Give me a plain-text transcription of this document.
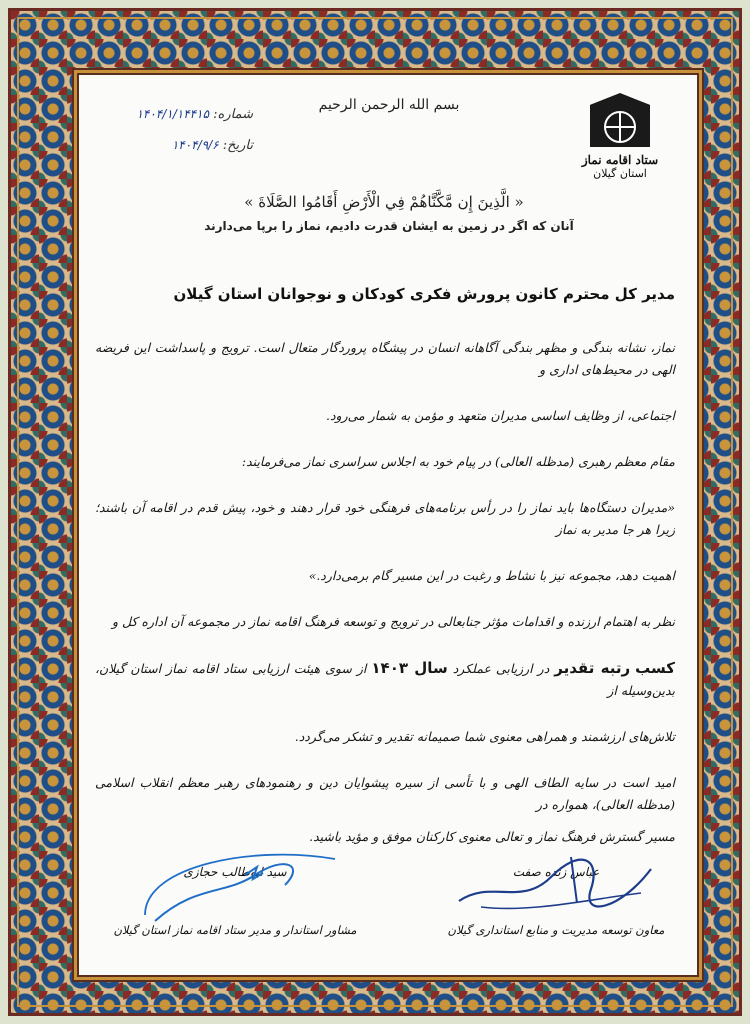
بسم الله الرحمن الرحيم
شماره: ۱۴۰۴/۱/۱۴۴۱۵
تاریخ: ۱۴۰۴/۹/۶
ستاد اقامه نماز
استان گیلان
« الَّذِينَ إِن مَّكَّنَّاهُمْ فِي الْأَرْضِ أَقَامُوا الصَّلَاةَ »
آنان که اگر در زمین به ایشان قدرت دادیم، نماز را برپا می‌دارند
مدیر کل محترم کانون پرورش فکری کودکان و نوجوانان استان گیلان

نماز، نشانه بندگی و مظهر بندگی آگاهانه انسان در پیشگاه پروردگار متعال است. ترویج و پاسداشت این فریضه الهی در محیط‌های اداری و

اجتماعی، از وظایف اساسی مدیران متعهد و مؤمن به شمار می‌رود.

مقام معظم رهبری (مدظله العالی) در پیام خود به اجلاس سراسری نماز می‌فرمایند:

«مدیران دستگاه‌ها باید نماز را در رأس برنامه‌های فرهنگی خود قرار دهند و خود، پیش قدم در اقامه آن باشند؛ زیرا هر جا مدیر به نماز

اهمیت دهد، مجموعه نیز با نشاط و رغبت در این مسیر گام برمی‌دارد.»

نظر به اهتمام ارزنده و اقدامات مؤثر جنابعالی در ترویج و توسعه فرهنگ اقامه نماز در مجموعه آن اداره کل و

کسب رتبه تقدیر در ارزیابی عملکرد سال ۱۴۰۳ از سوی هیئت ارزیابی ستاد اقامه نماز استان گیلان، بدین‌وسیله از

تلاش‌های ارزشمند و همراهی معنوی شما صمیمانه تقدیر و تشکر می‌گردد.

امید است در سایه الطاف الهی و با تأسی از سیره پیشوایان دین و رهنمودهای رهبر معظم انقلاب اسلامی (مدظله العالی)، همواره در

مسیر گسترش فرهنگ نماز و تعالی معنوی کارکنان موفق و مؤید باشید.

عباس زنده صفت
معاون توسعه مدیریت و منابع استانداری گیلان
سید ابوطالب حجازی
مشاور استاندار و مدیر ستاد اقامه نماز استان گیلان
